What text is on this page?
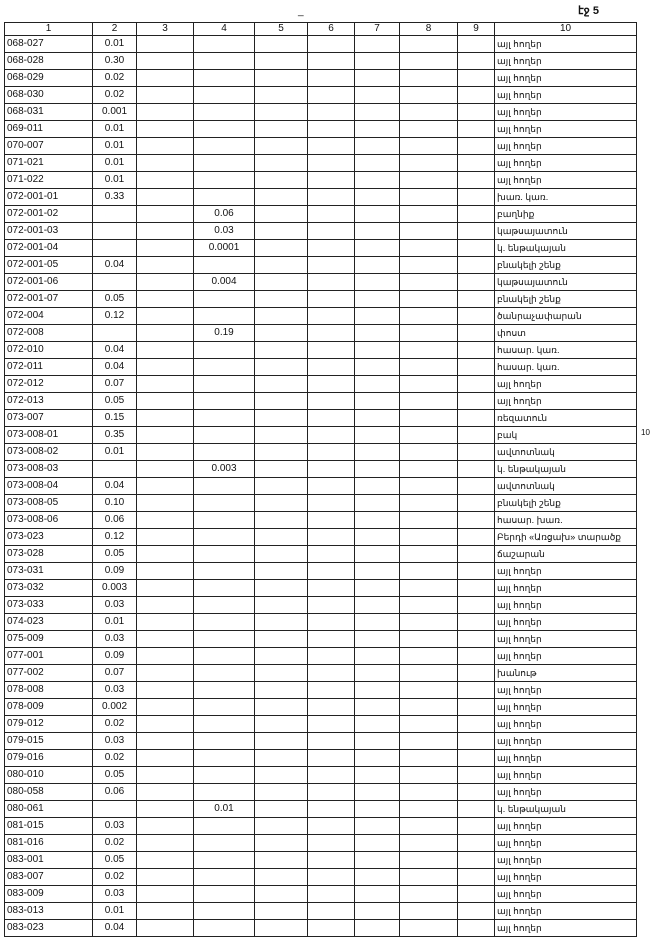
_	էջ 5
10
1	2	3	4	5	6	7	8	9	10
068-027	0.01								այլ հողեր
068-028	0.30								այլ հողեր
068-029	0.02								այլ հողեր
068-030	0.02								այլ հողեր
068-031	0.001								այլ հողեր
069-011	0.01								այլ հողեր
070-007	0.01								այլ հողեր
071-021	0.01								այլ հողեր
071-022	0.01								այլ հողեր
072-001-01	0.33								խառ. կառ.
072-001-02			0.06						բաղնիք
072-001-03			0.03						կաթսայատուն
072-001-04			0.0001						կ. ենթակայան
072-001-05	0.04								բնակելի շենք
072-001-06			0.004						կաթսայատուն
072-001-07	0.05								բնակելի շենք
072-004	0.12								ծանրաչափարան
072-008			0.19						փոստ
072-010	0.04								հասար. կառ.
072-011	0.04								հասար. կառ.
072-012	0.07								այլ հողեր
072-013	0.05								այլ հողեր
073-007	0.15								ռեզատուն
073-008-01	0.35								բակ
073-008-02	0.01								ավտոտնակ
073-008-03			0.003						կ. ենթակայան
073-008-04	0.04								ավտոտնակ
073-008-05	0.10								բնակելի շենք
073-008-06	0.06								հասար. խառ.
073-023	0.12								Բերդի «Առցախ» տարածք
073-028	0.05								ճաշարան
073-031	0.09								այլ հողեր
073-032	0.003								այլ հողեր
073-033	0.03								այլ հողեր
074-023	0.01								այլ հողեր
075-009	0.03								այլ հողեր
077-001	0.09								այլ հողեր
077-002	0.07								խանութ
078-008	0.03								այլ հողեր
078-009	0.002								այլ հողեր
079-012	0.02								այլ հողեր
079-015	0.03								այլ հողեր
079-016	0.02								այլ հողեր
080-010	0.05								այլ հողեր
080-058	0.06								այլ հողեր
080-061			0.01						կ. ենթակայան
081-015	0.03								այլ հողեր
081-016	0.02								այլ հողեր
083-001	0.05								այլ հողեր
083-007	0.02								այլ հողեր
083-009	0.03								այլ հողեր
083-013	0.01								այլ հողեր
083-023	0.04								այլ հողեր
